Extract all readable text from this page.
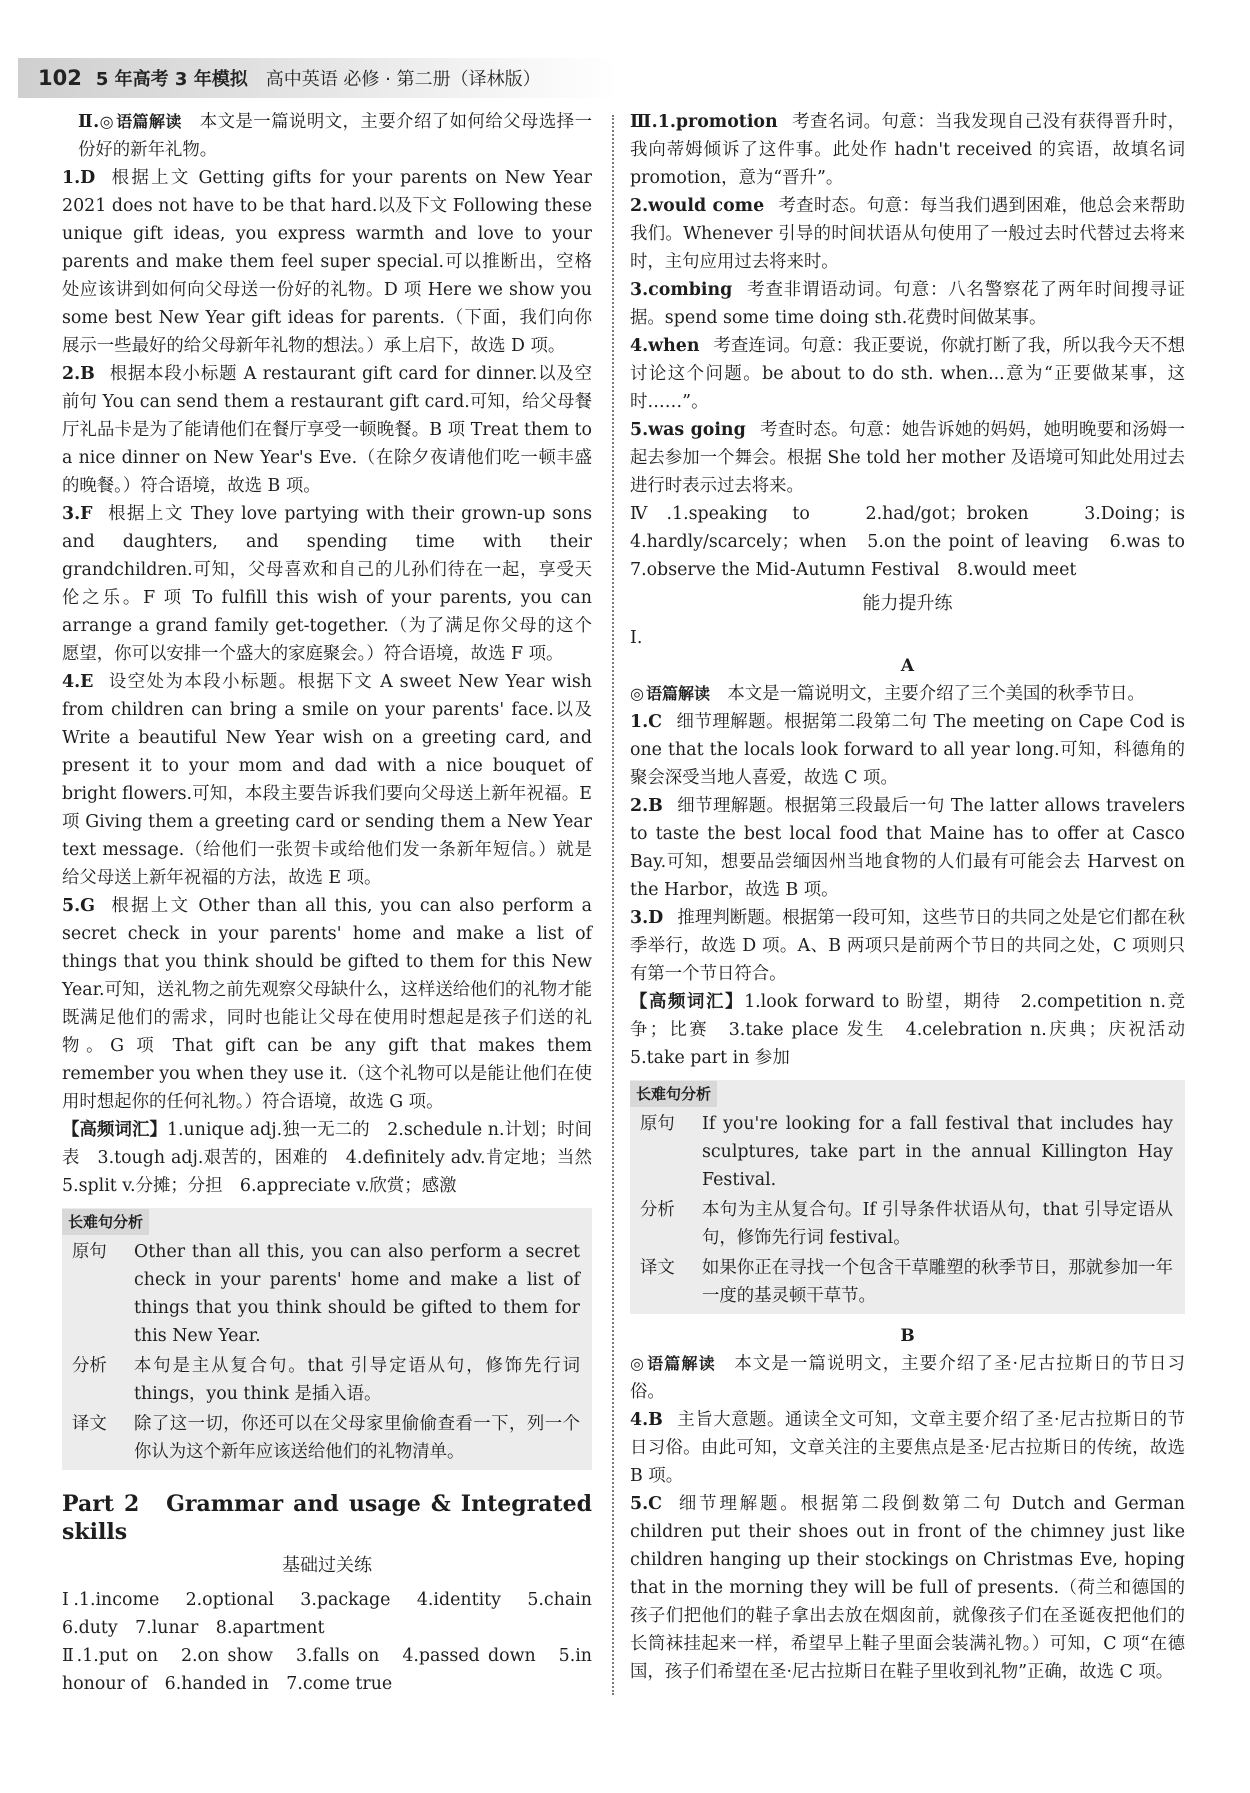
102 5 年高考 3 年模拟 高中英语 必修 · 第二册（译林版）

Ⅱ.◎ 语篇解读　 本文是一篇说明文，主要介绍了如何给父母选择一份好的新年礼物。

1.D 根据上文 Getting gifts for your parents on New Year 2021 does not have to be that hard.以及下文 Following these unique gift ideas, you express warmth and love to your parents and make them feel super special.可以推断出，空格处应该讲到如何向父母送一份好的礼物。D 项 Here we show you some best New Year gift ideas for parents.（下面，我们向你展示一些最好的给父母新年礼物的想法。）承上启下，故选 D 项。

2.B 根据本段小标题 A restaurant gift card for dinner.以及空前句 You can send them a restaurant gift card.可知，给父母餐厅礼品卡是为了能请他们在餐厅享受一顿晚餐。B 项 Treat them to a nice dinner on New Year's Eve.（在除夕夜请他们吃一顿丰盛的晚餐。）符合语境，故选 B 项。

3.F 根据上文 They love partying with their grown-up sons and daughters, and spending time with their grandchildren.可知，父母喜欢和自己的儿孙们待在一起，享受天伦之乐。F 项 To fulfill this wish of your parents, you can arrange a grand family get-together.（为了满足你父母的这个愿望，你可以安排一个盛大的家庭聚会。）符合语境，故选 F 项。

4.E 设空处为本段小标题。根据下文 A sweet New Year wish from children can bring a smile on your parents' face.以及 Write a beautiful New Year wish on a greeting card, and present it to your mom and dad with a nice bouquet of bright flowers.可知，本段主要告诉我们要向父母送上新年祝福。E 项 Giving them a greeting card or sending them a New Year text message.（给他们一张贺卡或给他们发一条新年短信。）就是给父母送上新年祝福的方法，故选 E 项。

5.G 根据上文 Other than all this, you can also perform a secret check in your parents' home and make a list of things that you think should be gifted to them for this New Year.可知，送礼物之前先观察父母缺什么，这样送给他们的礼物才能既满足他们的需求，同时也能让父母在使用时想起是孩子们送的礼物。G 项 That gift can be any gift that makes them remember you when they use it.（这个礼物可以是能让他们在使用时想起你的任何礼物。）符合语境，故选 G 项。

【高频词汇】1.unique adj.独一无二的　2.schedule n.计划；时间表　3.tough adj.艰苦的，困难的　4.definitely adv.肯定地；当然　5.split v.分摊；分担　6.appreciate v.欣赏；感激

长难句分析
原句	Other than all this, you can also perform a secret check in your parents' home and make a list of things that you think should be gifted to them for this New Year.
分析	本句是主从复合句。that 引导定语从句，修饰先行词 things，you think 是插入语。
译文	除了这一切，你还可以在父母家里偷偷查看一下，列一个你认为这个新年应该送给他们的礼物清单。

Part 2　Grammar and usage & Integrated skills

基础过关练

Ⅰ.1.income　2.optional　3.package　4.identity　5.chain　6.duty　7.lunar　8.apartment

Ⅱ.1.put on　2.on show　3.falls on　4.passed down　5.in honour of　6.handed in　7.come true

Ⅲ.1.promotion 考查名词。句意：当我发现自己没有获得晋升时，我向蒂姆倾诉了这件事。此处作 hadn't received 的宾语，故填名词 promotion，意为“晋升”。

2.would come 考查时态。句意：每当我们遇到困难，他总会来帮助我们。Whenever 引导的时间状语从句使用了一般过去时代替过去将来时，主句应用过去将来时。

3.combing 考查非谓语动词。句意：八名警察花了两年时间搜寻证据。spend some time doing sth.花费时间做某事。

4.when 考查连词。句意：我正要说，你就打断了我，所以我今天不想讨论这个问题。be about to do sth. when...意为“正要做某事，这时……”。

5.was going 考查时态。句意：她告诉她的妈妈，她明晚要和汤姆一起去参加一个舞会。根据 She told her mother 及语境可知此处用过去进行时表示过去将来。

Ⅳ.1.speaking to　2.had/got；broken　3.Doing；is　4.hardly/scarcely；when　5.on the point of leaving　6.was to　7.observe the Mid-Autumn Festival　8.would meet

能力提升练

Ⅰ.

A

◎ 语篇解读　 本文是一篇说明文，主要介绍了三个美国的秋季节日。

1.C 细节理解题。根据第二段第二句 The meeting on Cape Cod is one that the locals look forward to all year long.可知，科德角的聚会深受当地人喜爱，故选 C 项。

2.B 细节理解题。根据第三段最后一句 The latter allows travelers to taste the best local food that Maine has to offer at Casco Bay.可知，想要品尝缅因州当地食物的人们最有可能会去 Harvest on the Harbor，故选 B 项。

3.D 推理判断题。根据第一段可知，这些节日的共同之处是它们都在秋季举行，故选 D 项。A、B 两项只是前两个节日的共同之处，C 项则只有第一个节日符合。

【高频词汇】1.look forward to 盼望，期待　2.competition n.竞争；比赛　3.take place 发生　4.celebration n.庆典；庆祝活动　5.take part in 参加

长难句分析
原句	If you're looking for a fall festival that includes hay sculptures, take part in the annual Killington Hay Festival.
分析	本句为主从复合句。If 引导条件状语从句，that 引导定语从句，修饰先行词 festival。
译文	如果你正在寻找一个包含干草雕塑的秋季节日，那就参加一年一度的基灵顿干草节。

B

◎ 语篇解读　 本文是一篇说明文，主要介绍了圣·尼古拉斯日的节日习俗。

4.B 主旨大意题。通读全文可知，文章主要介绍了圣·尼古拉斯日的节日习俗。由此可知，文章关注的主要焦点是圣·尼古拉斯日的传统，故选 B 项。

5.C 细节理解题。根据第二段倒数第二句 Dutch and German children put their shoes out in front of the chimney just like children hanging up their stockings on Christmas Eve, hoping that in the morning they will be full of presents.（荷兰和德国的孩子们把他们的鞋子拿出去放在烟囱前，就像孩子们在圣诞夜把他们的长筒袜挂起来一样，希望早上鞋子里面会装满礼物。）可知，C 项“在德国，孩子们希望在圣·尼古拉斯日在鞋子里收到礼物”正确，故选 C 项。
